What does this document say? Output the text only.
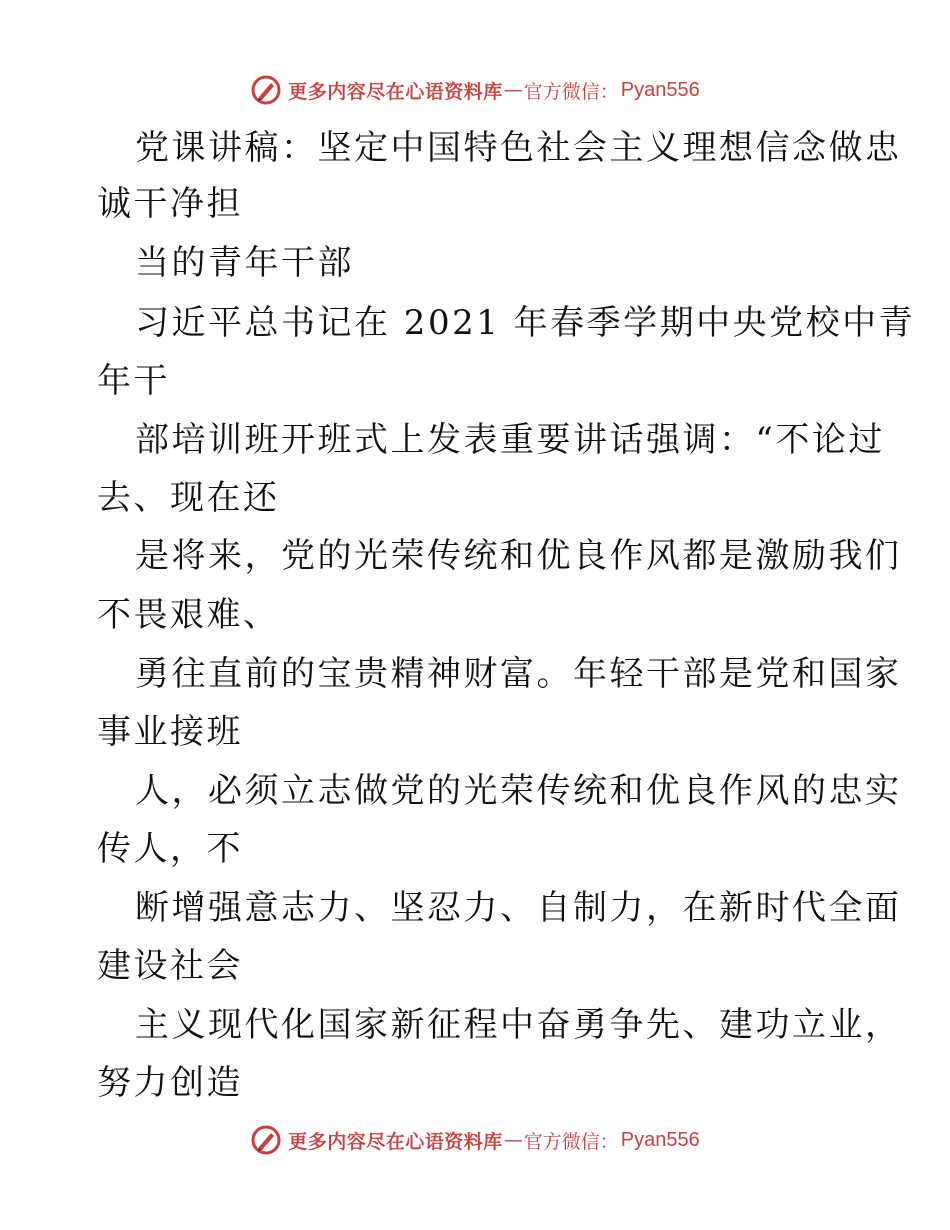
更多内容尽在心语资料库 — 官方微信： Pyan556
党课讲稿：坚定中国特色社会主义理想信念做忠
诚干净担
当的青年干部
习近平总书记在 2021 年春季学期中央党校中青
年干
部培训班开班式上发表重要讲话强调：“不论过
去、现在还
是将来，党的光荣传统和优良作风都是激励我们
不畏艰难、
勇往直前的宝贵精神财富。年轻干部是党和国家
事业接班
人，必须立志做党的光荣传统和优良作风的忠实
传人，不
断增强意志力、坚忍力、自制力，在新时代全面
建设社会
主义现代化国家新征程中奋勇争先、建功立业，
努力创造
更多内容尽在心语资料库 — 官方微信： Pyan556
